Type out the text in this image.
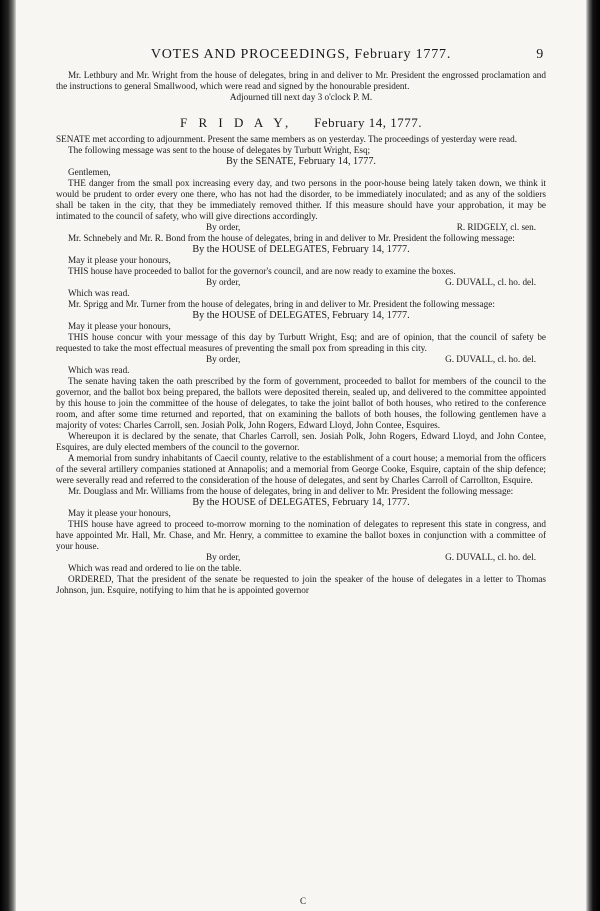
VOTES AND PROCEEDINGS, February 1777.	9

Mr. Lethbury and Mr. Wright from the house of delegates, bring in and deliver to Mr. President the engrossed proclamation and the instructions to general Smallwood, which were read and signed by the honourable president.

Adjourned till next day 3 o'clock P. M.

F R I D A Y, February 14, 1777.

SENATE met according to adjournment. Present the same members as on yesterday. The proceedings of yesterday were read.

The following message was sent to the house of delegates by Turbutt Wright, Esq;

By the SENATE, February 14, 1777.

Gentlemen,

THE danger from the small pox increasing every day, and two persons in the poor-house being lately taken down, we think it would be prudent to order every one there, who has not had the disorder, to be immediately inoculated; and as any of the soldiers shall be taken in the city, that they be immediately removed thither. If this measure should have your approbation, it may be intimated to the council of safety, who will give directions accordingly.

By order,	R. RIDGELY, cl. sen.

Mr. Schnebely and Mr. R. Bond from the house of delegates, bring in and deliver to Mr. President the following message:

By the HOUSE of DELEGATES, February 14, 1777.

May it please your honours,

THIS house have proceeded to ballot for the governor's council, and are now ready to examine the boxes.

By order,	G. DUVALL, cl. ho. del.

Which was read.

Mr. Sprigg and Mr. Turner from the house of delegates, bring in and deliver to Mr. President the following message:

By the HOUSE of DELEGATES, February 14, 1777.

May it please your honours,

THIS house concur with your message of this day by Turbutt Wright, Esq; and are of opinion, that the council of safety be requested to take the most effectual measures of preventing the small pox from spreading in this city.

By order,	G. DUVALL, cl. ho. del.

Which was read.

The senate having taken the oath prescribed by the form of government, proceeded to ballot for members of the council to the governor, and the ballot box being prepared, the ballots were deposited therein, sealed up, and delivered to the committee appointed by this house to join the committee of the house of delegates, to take the joint ballot of both houses, who retired to the conference room, and after some time returned and reported, that on examining the ballots of both houses, the following gentlemen have a majority of votes: Charles Carroll, sen. Josiah Polk, John Rogers, Edward Lloyd, John Contee, Esquires.

Whereupon it is declared by the senate, that Charles Carroll, sen. Josiah Polk, John Rogers, Edward Lloyd, and John Contee, Esquires, are duly elected members of the council to the governor.

A memorial from sundry inhabitants of Caecil county, relative to the establishment of a court house; a memorial from the officers of the several artillery companies stationed at Annapolis; and a memorial from George Cooke, Esquire, captain of the ship defence; were severally read and referred to the consideration of the house of delegates, and sent by Charles Carroll of Carrollton, Esquire.

Mr. Douglass and Mr. Williams from the house of delegates, bring in and deliver to Mr. President the following message:

By the HOUSE of DELEGATES, February 14, 1777.

May it please your honours,

THIS house have agreed to proceed to-morrow morning to the nomination of delegates to represent this state in congress, and have appointed Mr. Hall, Mr. Chase, and Mr. Henry, a committee to examine the ballot boxes in conjunction with a committee of your house.

By order,	G. DUVALL, cl. ho. del.

Which was read and ordered to lie on the table.

ORDERED, That the president of the senate be requested to join the speaker of the house of delegates in a letter to Thomas Johnson, jun. Esquire, notifying to him that he is appointed governor

C
